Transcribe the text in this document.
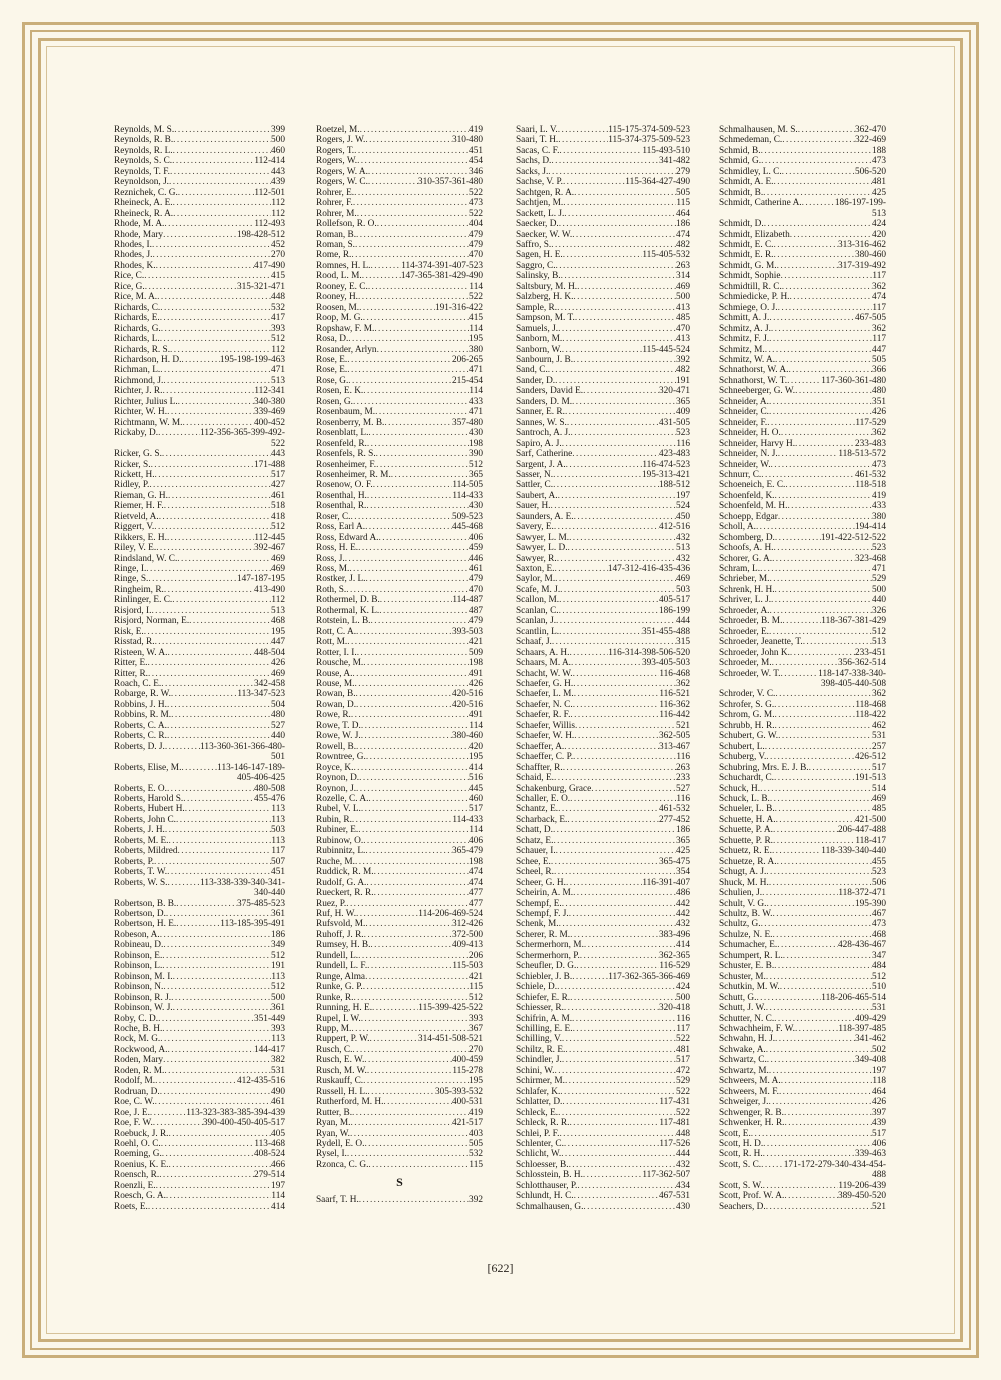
Reynolds, M. S. .....	399
Reynolds, R. B. .....	500
Reynolds, R. L. .....	460
Reynolds, S. C. .....	112-414
Reynolds, T. F. .....	443
Reynoldson, J. .....	439
Reznichek, C. G. .....	112-501
Rheineck, A. E. .....	112
Rheineck, R. A. .....	112
Rhode, M. A. .....	112-493
Rhode, Mary .....	198-428-512
Rhodes, I. .....	452
Rhodes, J. .....	270
Rhodes, K. .....	417-490
Rice, C. .....	415
Rice, G. .....	315-321-471
Rice, M. A. .....	448
Richards, C. .....	532
Richards, E. .....	417
Richards, G. .....	393
Richards, L. .....	512
Richards, R. S. .....	112
Richardson, H. D. .....	195-198-199-463
Richman, L. .....	471
Richmond, J. .....	513
Richter, J. R. .....	112-341
Richter, Julius L. .....	340-380
Richter, W. H. .....	339-469
Richtmann, W. M. .....	400-452
Rickaby, D. .....	112-356-365-399-492-
522
Ricker, G. S. .....	443
Ricker, S. .....	171-488
Rickett, H. .....	517
Ridley, P. .....	427
Rieman, G. H. .....	461
Riemer, H. F. .....	518
Rietveld, A. .....	418
Riggert, V. .....	512
Rikkers, E. H. .....	112-445
Riley, V. E. .....	392-467
Rindsland, W. C. .....	469
Ringe, I. .....	469
Ringe, S. .....	147-187-195
Ringheim, R. .....	413-490
Rinlinger, E. C. .....	112
Risjord, I. .....	513
Risjord, Norman, E. .....	468
Risk, E. .....	195
Risstad, R. .....	447
Risteen, W. A. .....	448-504
Ritter, E. .....	426
Ritter, R. .....	469
Roach, C. E. .....	342-458
Robarge, R. W. .....	113-347-523
Robbins, J. H. .....	504
Robbins, R. M. .....	480
Roberts, C. A. .....	527
Roberts, C. R. .....	440
Roberts, D. J. .....	113-360-361-366-480-
501
Roberts, Elise, M. .....	113-146-147-189-
405-406-425
Roberts, E. O. .....	480-508
Roberts, Harold S. .....	455-476
Roberts, Hubert H. .....	113
Roberts, John C. .....	113
Roberts, J. H. .....	503
Roberts, M. E. .....	113
Roberts, Mildred .....	117
Roberts, P. .....	507
Roberts, T. W. .....	451
Roberts, W. S. .....	113-338-339-340-341-
340-440
Robertson, B. B. .....	375-485-523
Robertson, D. .....	361
Robertson, H. E. .....	113-185-395-491
Robeson, A. .....	186
Robineau, D. .....	349
Robinson, E. .....	512
Robinson, L. .....	191
Robinson, M. I. .....	113
Robinson, N. .....	512
Robinson, R. J. .....	500
Robinson, W. J. .....	361
Roby, C. D. .....	351-449
Roche, B. H. .....	393
Rock, M. G. .....	113
Rockwood, A. .....	144-417
Roden, Mary .....	382
Roden, R. M. .....	531
Rodolf, M. .....	412-435-516
Rodruan, D. .....	490
Roe, C. W. .....	461
Roe, J. E. .....	113-323-383-385-394-439
Roe, F. W. .....	390-400-450-405-517
Roebuck, J. R. .....	405
Roehl, O. C. .....	113-468
Roeming, G. .....	408-524
Roenius, K. E. .....	466
Roensch, R. .....	279-514
Roenzli, E. .....	197
Roesch, G. A. .....	114
Roets, E. .....	414
Roetzel, M. .....	419
Rogers, J. W. .....	310-480
Rogers, T. .....	451
Rogers, W. .....	454
Rogers, W. A. .....	346
Rogers, W. C. .....	310-357-361-480
Rohrer, E. .....	522
Rohrer, F. .....	473
Rohrer, M. .....	522
Rollefson, R. O. .....	404
Roman, B. .....	479
Roman, S. .....	479
Rome, R. .....	470
Romnes, H. L. .....	114-374-391-407-523
Rood, L. M. .....	147-365-381-429-490
Rooney, E. C. .....	114
Rooney, H. .....	522
Roosen, M. .....	191-316-422
Roop, M. G. .....	415
Ropshaw, F. M. .....	114
Rosa, D. .....	195
Rosander, Arlyn .....	380
Rose, E. .....	206-265
Rose, E. .....	471
Rose, G. .....	215-454
Rosen, E. K. .....	114
Rosen, G. .....	433
Rosenbaum, M. .....	471
Rosenberry, M. B. .....	357-480
Rosenblatt, L. .....	430
Rosenfeld, R. .....	198
Rosenfels, R. S. .....	390
Rosenheimer, F. .....	512
Rosenheimer, R. M. .....	365
Rosenow, O. F. .....	114-505
Rosenthal, H. .....	114-433
Rosenthal, R. .....	430
Roser, C. .....	509-523
Ross, Earl A. .....	445-468
Ross, Edward A. .....	406
Ross, H. E. .....	459
Ross, J. .....	446
Ross, M. .....	461
Rostker, J. L. .....	479
Roth, S. .....	470
Rothermel, D. B. .....	114-487
Rothermal, K. L. .....	487
Rotstein, L. B. .....	479
Rott, C. A. .....	393-503
Rott, M. .....	421
Rotter, I. I. .....	509
Rousche, M. .....	198
Rouse, A. .....	491
Rouse, M. .....	426
Rowan, B. .....	420-516
Rowan, D. .....	420-516
Rowe, R. .....	491
Rowe, T. D. .....	114
Rowe, W. J. .....	380-460
Rowell, B. .....	420
Rowntree, G. .....	195
Royce, K. .....	414
Roynon, D. .....	516
Roynon, J. .....	445
Rozelle, C. A. .....	460
Rubel, V. L. .....	517
Rubin, R. .....	114-433
Rubiner, E. .....	114
Rubinow, O. .....	406
Rubinnitz, L. .....	365-479
Ruche, M. .....	198
Ruddick, R. M. .....	474
Rudolf, G. A. .....	474
Rueckert, R. R. .....	477
Ruez, P. .....	477
Ruf, H. W. .....	114-206-469-524
Rufsvold, M. .....	312-426
Ruhoff, J. R. .....	372-500
Rumsey, H. B. .....	409-413
Rundell, L. .....	206
Rundell, L. F. .....	115-503
Runge, Alma .....	421
Runke, G. P. .....	115
Runke, R. .....	512
Running, H. E. .....	115-399-425-522
Rupel, I. W. .....	393
Rupp, M. .....	367
Ruppert, P. W. .....	314-451-508-521
Rusch, C. .....	270
Rusch, E. W. .....	400-459
Rusch, M. W. .....	115-278
Ruskauff, C. .....	195
Russell, H. L. .....	305-393-532
Rutherford, M. H. .....	400-531
Rutter, B. .....	419
Ryan, M. .....	421-517
Ryan, W. .....	403
Rydell, E. O. .....	505
Rysel, I. .....	532
Rzonca, C. G. .....	115
S
Saarf, T. H. .....	392
Saari, L. V. .....	115-175-374-509-523
Saari, T. H. .....	115-374-375-509-523
Sacas, C. F. .....	115-493-510
Sachs, D. .....	341-482
Sacks, J. .....	279
Sachse, V. P. .....	115-364-427-490
Sachtgen, R. A. .....	505
Sachtjen, M. .....	115
Sackett, L. J. .....	464
Saecker, D. .....	186
Saecker, W. W. .....	474
Saffro, S. .....	482
Sagen, H. E. .....	115-405-532
Saggro, C. .....	263
Salinsky, B. .....	314
Saltsbury, M. H. .....	469
Salzberg, H. K. .....	500
Sample, R. .....	413
Sampson, M. T. .....	485
Samuels, J. .....	470
Sanborn, M. .....	413
Sanborn, W. .....	115-445-524
Sanbourn, J. B. .....	392
Sand, C. .....	482
Sander, D. .....	191
Sanders, David E. .....	320-471
Sanders, D. M. .....	365
Sanner, E. R. .....	409
Sannes, W. S. .....	431-505
Santroch, A. J. .....	523
Sapiro, A. J. .....	116
Sarf, Catherine .....	423-483
Sargent, J. A. .....	116-474-523
Sasser, N. .....	195-313-421
Sattler, C. .....	188-512
Saubert, A. .....	197
Sauer, H. .....	524
Saunders, A. E. .....	450
Savery, E. .....	412-516
Sawyer, L. M. .....	432
Sawyer, L. D. .....	513
Sawyer, R. .....	432
Saxton, E. .....	147-312-416-435-436
Saylor, M. .....	469
Scafe, M. J. .....	503
Scallon, M. .....	405-517
Scanlan, C. .....	186-199
Scanlan, J. .....	444
Scantlin, L. .....	351-455-488
Schaaf, J. .....	315
Schaars, A. H. .....	116-314-398-506-520
Schaars, M. A. .....	393-405-503
Schacht, W. W. .....	116-468
Schaefer, G. H. .....	362
Schaefer, L. M. .....	116-521
Schaefer, N. C. .....	116-362
Schaefer, R. F. .....	116-442
Schaefer, Willis .....	521
Schaefer, W. H. .....	362-505
Schaeffer, A. .....	313-467
Schaeffer, C. P. .....	116
Schaffter, R. .....	263
Schaid, E. .....	233
Schakenburg, Grace .....	527
Schaller, E. O. .....	116
Schantz, E. .....	461-532
Scharback, E. .....	277-452
Schatt, D. .....	186
Schatz, E. .....	365
Schauer, I. .....	425
Schee, E. .....	365-475
Scheel, R. .....	354
Scheer, G. H. .....	116-391-407
Scheirin, A. M. .....	486
Schempf, E. .....	442
Schempf, F. J. .....	442
Schenk, M. .....	432
Scherer, R. M. .....	383-496
Schermerhorn, M. .....	414
Schermerhorn, P. .....	362-365
Scheufler, D. G. .....	116-529
Schiebler, J. B. .....	117-362-365-366-469
Schiele, D. .....	424
Schiefer, E. R. .....	500
Schiesser, R. .....	320-418
Schifrin, A. M. .....	116
Schilling, E. E. .....	117
Schilling, V. .....	522
Schiltz, R. E. .....	481
Schindler, J. .....	517
Schini, W. .....	472
Schirmer, M. .....	529
Schlafer, K. .....	522
Schlatter, D. .....	117-431
Schleck, E. .....	522
Schleck, R. R. .....	117-481
Schlei, P. F. .....	448
Schlenter, C. .....	117-526
Schlicht, W. .....	444
Schloesser, B. .....	432
Schlosstein, B. H. .....	117-362-507
Schlotthauser, P. .....	434
Schlundt, H. C. .....	467-531
Schmalhausen, G. .....	430
Schmalhausen, M. S. .....	362-470
Schmedeman, C. .....	322-469
Schmid, B. .....	188
Schmid, G. .....	473
Schmidley, L. C. .....	506-520
Schmidt, A. E. .....	481
Schmidt, B. .....	425
Schmidt, Catherine A. .....	186-197-199-
513
Schmidt, D. .....	424
Schmidt, Elizabeth .....	420
Schmidt, E. C. .....	313-316-462
Schmidt, E. R. .....	380-460
Schmidt, G. M. .....	317-319-492
Schmidt, Sophie .....	117
Schmidtill, R. C. .....	362
Schmiedicke, P. H. .....	474
Schmiege, O. J. .....	117
Schmitt, A. J. .....	467-505
Schmitz, A. J. .....	362
Schmitz, F. J. .....	117
Schmitz, M. .....	447
Schmitz, W. A. .....	505
Schnathorst, W. A. .....	366
Schnathorst, W. T. .....	117-360-361-480
Schneeberger, G. W. .....	480
Schneider, A. .....	351
Schneider, C. .....	426
Schneider, F. .....	117-529
Schneider, H. O. .....	362
Schneider, Harvy H. .....	233-483
Schneider, N. J. .....	118-513-572
Schneider, W. .....	473
Schnurr, C. .....	461-532
Schoeneich, E. C. .....	118-518
Schoenfeld, K. .....	419
Schoenfeld, M. H. .....	433
Schoepp, Edgar .....	380
Scholl, A. .....	194-414
Schomberg, D. .....	191-422-512-522
Schoofs, A. H. .....	523
Schorer, G. A. .....	323-468
Schram, L. .....	471
Schrieber, M. .....	529
Schrenk, H. H. .....	500
Schriver, L. J. .....	440
Schroeder, A. .....	326
Schroeder, B. M. .....	118-367-381-429
Schroeder, E. .....	512
Schroeder, Jeanette, T. .....	513
Schroeder, John K. .....	233-451
Schroeder, M. .....	356-362-514
Schroeder, W. T. .....	118-147-338-340-
398-405-440-508
Schroder, V. C. .....	362
Schrofer, S. G. .....	118-468
Schrom, G. M. .....	118-422
Schrubb, H. R. .....	462
Schubert, G. W. .....	531
Schubert, L. .....	257
Schuberg, V. .....	426-512
Schubring, Mrs. E. J. B. .....	517
Schuchardt, C. .....	191-513
Schuck, H. .....	514
Schuck, L. B. .....	469
Schueler, L. B. .....	485
Schuette, H. A. .....	421-500
Schuette, P. A. .....	206-447-488
Schuette, P. R. .....	118-417
Schuetz, R. E. .....	118-339-340-440
Schuetze, R. A. .....	455
Schugt, A. J. .....	523
Shuck, M. H. .....	506
Schulien, J. .....	118-372-471
Schult, V. G. .....	195-390
Schultz, B. W. .....	467
Schultz, G. .....	473
Schulze, N. E. .....	468
Schumacher, E. .....	428-436-467
Schumpert, R. L. .....	347
Schuster, E. B. .....	484
Schuster, M. .....	512
Schutkin, M. W. .....	510
Schutt, G. .....	118-206-465-514
Schutt, J. W. .....	531
Schutter, N. C. .....	409-429
Schwachheim, F. W. .....	118-397-485
Schwahn, H. J. .....	341-462
Schwake, A. .....	502
Schwartz, C. .....	349-408
Schwartz, M. .....	197
Schweers, M. A. .....	118
Schweers, M. F. .....	464
Schweiger, J. .....	426
Schwenger, R. B. .....	397
Schwenker, H. R. .....	439
Scott, E. .....	517
Scott, H. D. .....	406
Scott, R. H. .....	339-463
Scott, S. C. ..... 171-172-279-340-434-454-
488
Scott, S. W. .....	119-206-439
Scott, Prof. W. A. .....	389-450-520
Seachers, D. .....	521
[622]
